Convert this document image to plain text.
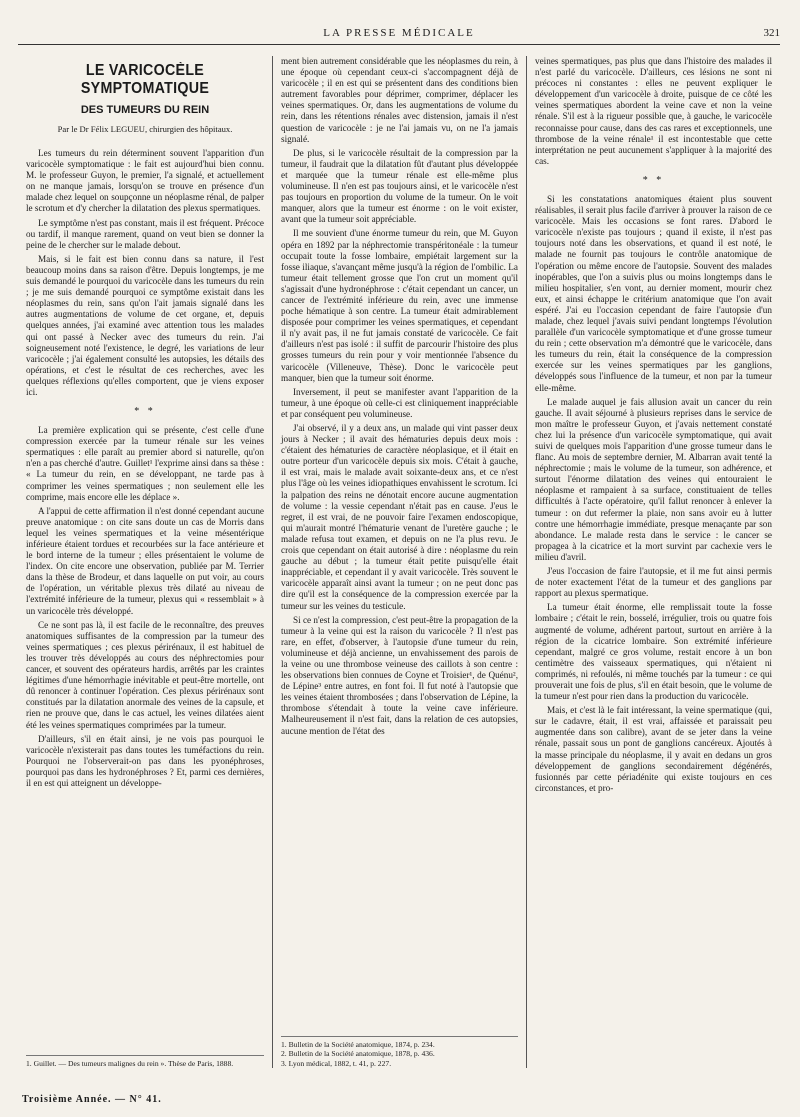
LA PRESSE MÉDICALE	321
LE VARICOCÈLE SYMPTOMATIQUE
DES TUMEURS DU REIN
Par le Dr Félix LEGUEU, chirurgien des hôpitaux.

Les tumeurs du rein déterminent souvent l'apparition d'un varicocèle symptomatique : le fait est aujourd'hui bien connu. M. le professeur Guyon, le premier, l'a signalé, et actuellement on ne manque jamais, lorsqu'on se trouve en présence d'un malade chez lequel on soupçonne un néoplasme rénal, de palper le scrotum et d'y chercher la dilatation des plexus spermatiques.

Le symptôme n'est pas constant, mais il est fréquent. Précoce ou tardif, il manque rarement, quand on veut bien se donner la peine de le chercher sur le malade debout.

Mais, si le fait est bien connu dans sa nature, il l'est beaucoup moins dans sa raison d'être. Depuis longtemps, je me suis demandé le pourquoi du varicocèle dans les tumeurs du rein ; je me suis demandé pourquoi ce symptôme existait dans les néoplasmes du rein, sans qu'on l'ait jamais signalé dans les autres augmentations de volume de cet organe, et, depuis quelques années, j'ai examiné avec attention tous les malades qui ont passé à Necker avec des tumeurs du rein. J'ai soigneusement noté l'existence, le degré, les variations de leur varicocèle ; j'ai également consulté les autopsies, les détails des opérations, et c'est le résultat de ces recherches, avec les quelques réflexions qu'elles comportent, que je viens exposer ici.

* *

La première explication qui se présente, c'est celle d'une compression exercée par la tumeur rénale sur les veines spermatiques : elle paraît au premier abord si naturelle, qu'on n'en a pas cherché d'autre. Guillet¹ l'exprime ainsi dans sa thèse : « La tumeur du rein, en se développant, ne tarde pas à comprimer les veines spermatiques ; non seulement elle les comprime, mais encore elle les déplace ».

A l'appui de cette affirmation il n'est donné cependant aucune preuve anatomique : on cite sans doute un cas de Morris dans lequel les veines spermatiques et la veine mésentérique inférieure étaient tordues et recourbées sur la face antérieure et le bord interne de la tumeur ; elles présentaient le volume de l'index. On cite encore une observation, publiée par M. Terrier dans la thèse de Brodeur, et dans laquelle on put voir, au cours de l'opération, un véritable plexus très dilaté au niveau de l'extrémité inférieure de la tumeur, plexus qui « ressemblait » à un varicocèle très développé.

Ce ne sont pas là, il est facile de le reconnaître, des preuves anatomiques suffisantes de la compression par la tumeur des veines spermatiques ; ces plexus périrénaux, il est habituel de les trouver très développés au cours des néphrectomies pour cancer, et souvent des opérateurs hardis, arrêtés par les craintes légitimes d'une hémorrhagie inévitable et peut-être mortelle, ont dû renoncer à continuer l'opération. Ces plexus périrénaux sont constitués par la dilatation anormale des veines de la capsule, et rien ne prouve que, dans le cas actuel, les veines dilatées aient été les veines spermatiques comprimées par la tumeur.

D'ailleurs, s'il en était ainsi, je ne vois pas pourquoi le varicocèle n'existerait pas dans toutes les tuméfactions du rein. Pourquoi ne l'observerait-on pas dans les pyonéphroses, pourquoi pas dans les hydronéphroses ? Et, parmi ces dernières, il en est qui atteignent un développe-

1. Guillet. — Des tumeurs malignes du rein ». Thèse de Paris, 1888.

ment bien autrement considérable que les néoplasmes du rein, à une époque où cependant ceux-ci s'accompagnent déjà de varicocèle ; il en est qui se présentent dans des conditions bien autrement favorables pour déprimer, comprimer, déplacer les veines spermatiques. Or, dans les augmentations de volume du rein, dans les rétentions rénales avec distension, jamais il n'est question de varicocèle : je ne l'ai jamais vu, on ne l'a jamais signalé.

De plus, si le varicocèle résultait de la compression par la tumeur, il faudrait que la dilatation fût d'autant plus développée et marquée que la tumeur rénale est elle-même plus volumineuse. Il n'en est pas toujours ainsi, et le varicocèle n'est pas toujours en proportion du volume de la tumeur. On le voit manquer, alors que la tumeur est énorme : on le voit exister, avant que la tumeur soit appréciable.

Il me souvient d'une énorme tumeur du rein, que M. Guyon opéra en 1892 par la néphrectomie transpéritonéale : la tumeur occupait toute la fosse lombaire, empiétait largement sur la fosse iliaque, s'avançant même jusqu'à la région de l'ombilic. La tumeur était tellement grosse que l'on crut un moment qu'il s'agissait d'une hydronéphrose : c'était cependant un cancer, un cancer de l'extrémité inférieure du rein, avec une immense poche hématique à son centre. La tumeur était admirablement disposée pour comprimer les veines spermatiques, et cependant il n'y avait pas, il ne fut jamais constaté de varicocèle. Ce fait d'ailleurs n'est pas isolé : il suffit de parcourir l'histoire des plus grosses tumeurs du rein pour y voir mentionnée l'absence du varicocèle (Villeneuve, Thèse). Donc le varicocèle peut manquer, bien que la tumeur soit énorme.

Inversement, il peut se manifester avant l'apparition de la tumeur, à une époque où celle-ci est cliniquement inappréciable et par conséquent peu volumineuse.

J'ai observé, il y a deux ans, un malade qui vint passer deux jours à Necker ; il avait des hématuries depuis deux mois : c'étaient des hématuries de caractère néoplasique, et il était en outre porteur d'un varicocèle depuis six mois. C'était à gauche, il est vrai, mais le malade avait soixante-deux ans, et ce n'est plus l'âge où les veines idiopathiques envahissent le scrotum. Ici la palpation des reins ne dénotait encore aucune augmentation de volume : la vessie cependant n'était pas en cause. J'eus le regret, il est vrai, de ne pouvoir faire l'examen endoscopique, qui m'aurait montré l'hématurie venant de l'uretère gauche ; le malade refusa tout examen, et depuis on ne l'a plus revu. Je crois que cependant on était autorisé à dire : néoplasme du rein gauche au début ; la tumeur était petite puisqu'elle était inappréciable, et cependant il y avait varicocèle. Très souvent le varicocèle apparaît ainsi avant la tumeur ; on ne peut donc pas dire qu'il est la conséquence de la compression exercée par la tumeur sur les veines du testicule.

Si ce n'est la compression, c'est peut-être la propagation de la tumeur à la veine qui est la raison du varicocèle ? Il n'est pas rare, en effet, d'observer, à l'autopsie d'une tumeur du rein, volumineuse et déjà ancienne, un envahissement des parois de la veine ou une thrombose veineuse des caillots à son centre : les observations bien connues de Coyne et Troisier¹, de Quénu², de Lépine³ entre autres, en font foi. Il fut noté à l'autopsie que les veines étaient thrombosées ; dans l'observation de Lépine, la thrombose s'étendait à toute la veine cave inférieure. Malheureusement il n'est fait, dans la relation de ces autopsies, aucune mention de l'état des

1. Bulletin de la Société anatomique, 1874, p. 234.
2. Bulletin de la Société anatomique, 1878, p. 436.
3. Lyon médical, 1882, t. 41, p. 227.

veines spermatiques, pas plus que dans l'histoire des malades il n'est parlé du varicocèle. D'ailleurs, ces lésions ne sont ni précoces ni constantes : elles ne peuvent expliquer le développement d'un varicocèle à droite, puisque de ce côté les veines spermatiques abordent la veine cave et non la veine rénale. S'il est à la rigueur possible que, à gauche, le varicocèle reconnaisse pour cause, dans des cas rares et exceptionnels, une thrombose de la veine rénale¹ il est incontestable que cette interprétation ne peut aucunement s'appliquer à la majorité des cas.

* *

Si les constatations anatomiques étaient plus souvent réalisables, il serait plus facile d'arriver à prouver la raison de ce varicocèle. Mais les occasions se font rares. D'abord le varicocèle n'existe pas toujours ; quand il existe, il n'est pas toujours noté dans les observations, et quand il est noté, le malade ne fournit pas toujours le contrôle anatomique de l'opération ou même encore de l'autopsie. Souvent des malades inopérables, que l'on a suivis plus ou moins longtemps dans le milieu hospitalier, s'en vont, au dernier moment, mourir chez eux, et ainsi échappe le critérium anatomique que l'on avait espéré. J'ai eu l'occasion cependant de faire l'autopsie d'un malade, chez lequel j'avais suivi pendant longtemps l'évolution parallèle d'un varicocèle symptomatique et d'une grosse tumeur du rein ; cette observation m'a démontré que le varicocèle, dans les tumeurs du rein, était la conséquence de la compression exercée sur les veines spermatiques par les ganglions, développés sous l'influence de la tumeur, et non par la tumeur elle-même.

Le malade auquel je fais allusion avait un cancer du rein gauche. Il avait séjourné à plusieurs reprises dans le service de mon maître le professeur Guyon, et j'avais nettement constaté chez lui la présence d'un varicocèle symptomatique, qui avait suivi de quelques mois l'apparition d'une grosse tumeur dans le flanc. Au mois de septembre dernier, M. Albarran avait tenté la néphrectomie ; mais le volume de la tumeur, son adhérence, et surtout l'énorme dilatation des veines qui entouraient le néoplasme et rampaient à sa surface, constituaient de telles difficultés à l'acte opératoire, qu'il fallut renoncer à enlever la tumeur : on dut refermer la plaie, non sans avoir eu à lutter contre une hémorrhagie immédiate, presque menaçante par son abondance. Le malade resta dans le service : le cancer se propagea à la cicatrice et la mort survint par cachexie vers le milieu d'avril.

J'eus l'occasion de faire l'autopsie, et il me fut ainsi permis de noter exactement l'état de la tumeur et des ganglions par rapport au plexus spermatique.

La tumeur était énorme, elle remplissait toute la fosse lombaire ; c'était le rein, bosselé, irrégulier, trois ou quatre fois augmenté de volume, adhérent partout, surtout en arrière à la région de la cicatrice lombaire. Son extrémité inférieure cependant, malgré ce gros volume, restait encore à un bon centimètre des vaisseaux spermatiques, qui n'étaient ni comprimés, ni refoulés, ni même touchés par la tumeur : ce qui prouverait une fois de plus, s'il en était besoin, que le volume de la tumeur n'est pour rien dans la production du varicocèle.

Mais, et c'est là le fait intéressant, la veine spermatique (qui, sur le cadavre, était, il est vrai, affaissée et paraissait peu augmentée dans son calibre), avant de se jeter dans la veine rénale, passait sous un pont de ganglions cancéreux. Ajoutés à la masse principale du néoplasme, il y avait en dedans un gros développement de ganglions secondairement dégénérés, fusionnés par cette périadénite qui existe toujours en ces circonstances, et pro-

Troisième Année. — N° 41.
